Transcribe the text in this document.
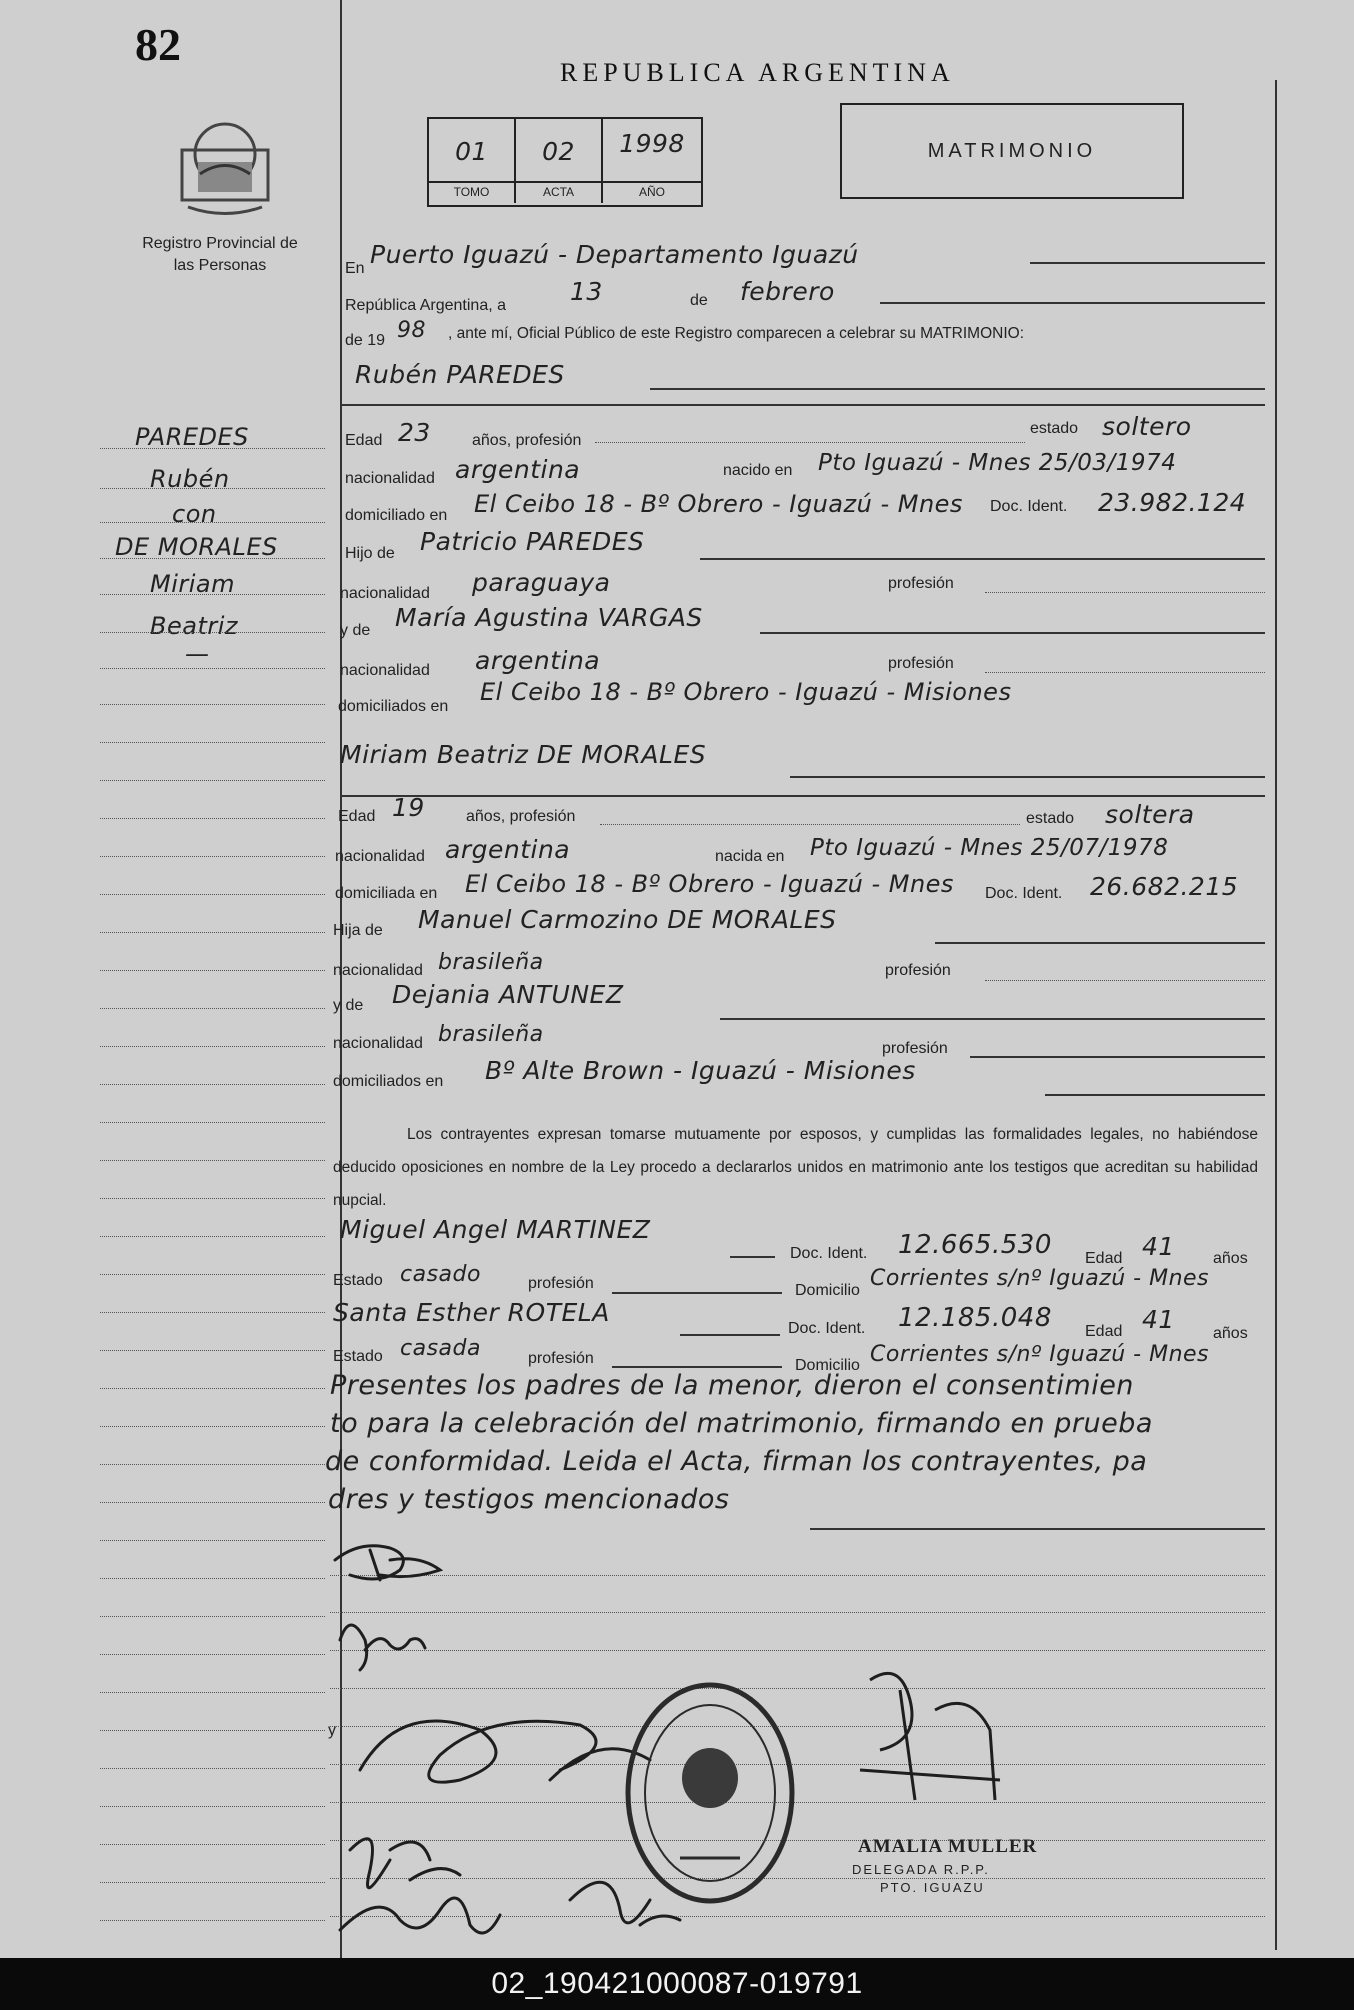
82
Registro Provincial de las Personas
REPUBLICA ARGENTINA
01	02	1998
TOMO	ACTA	AÑO
MATRIMONIO
PAREDES
Rubén
con
DE MORALES
Miriam
Beatriz
—
En Puerto Iguazú - Departamento Iguazú
República Argentina, a	13	de febrero
de 19 98 , ante mí, Oficial Público de este Registro comparecen a celebrar su MATRIMONIO:
Rubén PAREDES
Edad 23	años, profesión
estado soltero
nacionalidad argentina	nacido en Pto Iguazú - Mnes 25/03/1974
domiciliado en El Ceibo 18 - Bº Obrero - Iguazú - Mnes Doc. Ident. 23.982.124
Hijo de Patricio PAREDES
nacionalidad paraguaya	profesión
y de María Agustina VARGAS
nacionalidad argentina	profesión
domiciliados en
El Ceibo 18 - Bº Obrero - Iguazú - Misiones
Miriam Beatriz DE MORALES
Edad 19	años, profesión	estado soltera
nacionalidad argentina	nacida en Pto Iguazú - Mnes 25/07/1978
domiciliada en El Ceibo 18 - Bº Obrero - Iguazú - Mnes Doc. Ident. 26.682.215
Hija de Manuel Carmozino DE MORALES
nacionalidad brasileña	profesión
y de Dejania ANTUNEZ
nacionalidad brasileña
profesión
domiciliados en Bº Alte Brown - Iguazú - Misiones
Los contrayentes expresan tomarse mutuamente por esposos, y cumplidas las formalidades legales, no habiéndose deducido oposiciones en nombre de la Ley procedo a declararlos unidos en matrimonio ante los testigos que acreditan su habilidad nupcial.
Miguel Angel MARTINEZ
Doc. Ident. 12.665.530 Edad 41 años
Estado casado	profesión	Domicilio Corrientes s/nº Iguazú - Mnes
Santa Esther ROTELA
Doc. Ident. 12.185.048 Edad 41 años
Estado casada	profesión	Domicilio Corrientes s/nº Iguazú - Mnes
Presentes los padres de la menor, dieron el consentimien
to para la celebración del matrimonio, firmando en prueba
de conformidad. Leida el Acta, firman los contrayentes, pa
dres y testigos mencionados
y
AMALIA MULLER
DELEGADA R.P.P.
PTO. IGUAZU
02_190421000087-019791
